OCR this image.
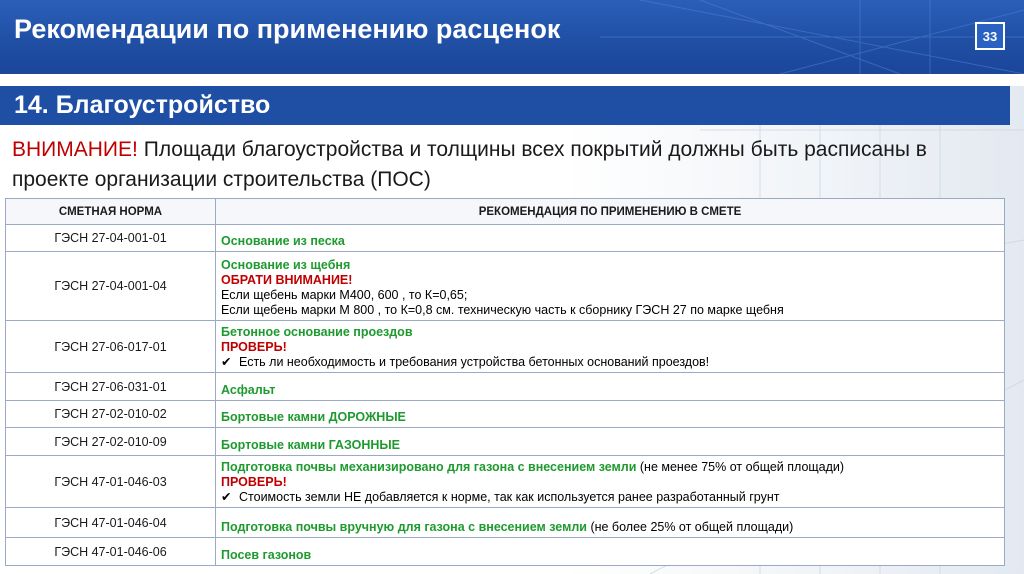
Рекомендации по применению расценок	33
14. Благоустройство
ВНИМАНИЕ! Площади благоустройства и толщины всех покрытий должны быть расписаны в проекте организации строительства (ПОС)
СМЕТНАЯ НОРМА	РЕКОМЕНДАЦИЯ ПО ПРИМЕНЕНИЮ В СМЕТЕ
ГЭСН 27-04-001-01	Основание из песка
ГЭСН 27-04-001-04	Основание из щебня
ОБРАТИ ВНИМАНИЕ!
Если щебень марки М400, 600 , то К=0,65;
Если щебень марки М 800 , то К=0,8 см. техническую часть к сборнику ГЭСН 27 по марке щебня

ГЭСН 27-06-017-01	Бетонное основание проездов
ПРОВЕРЬ!
✔ Есть ли необходимость и требования устройства бетонных оснований проездов!

ГЭСН 27-06-031-01	Асфальт
ГЭСН 27-02-010-02	Бортовые камни ДОРОЖНЫЕ
ГЭСН 27-02-010-09	Бортовые камни ГАЗОННЫЕ
ГЭСН 47-01-046-03	Подготовка почвы механизировано для газона с внесением земли (не менее 75% от общей площади)
ПРОВЕРЬ!
✔ Стоимость земли НЕ добавляется к норме, так как используется ранее разработанный грунт

ГЭСН 47-01-046-04	Подготовка почвы вручную для газона с внесением земли (не более 25% от общей площади)
ГЭСН 47-01-046-06	Посев газонов
